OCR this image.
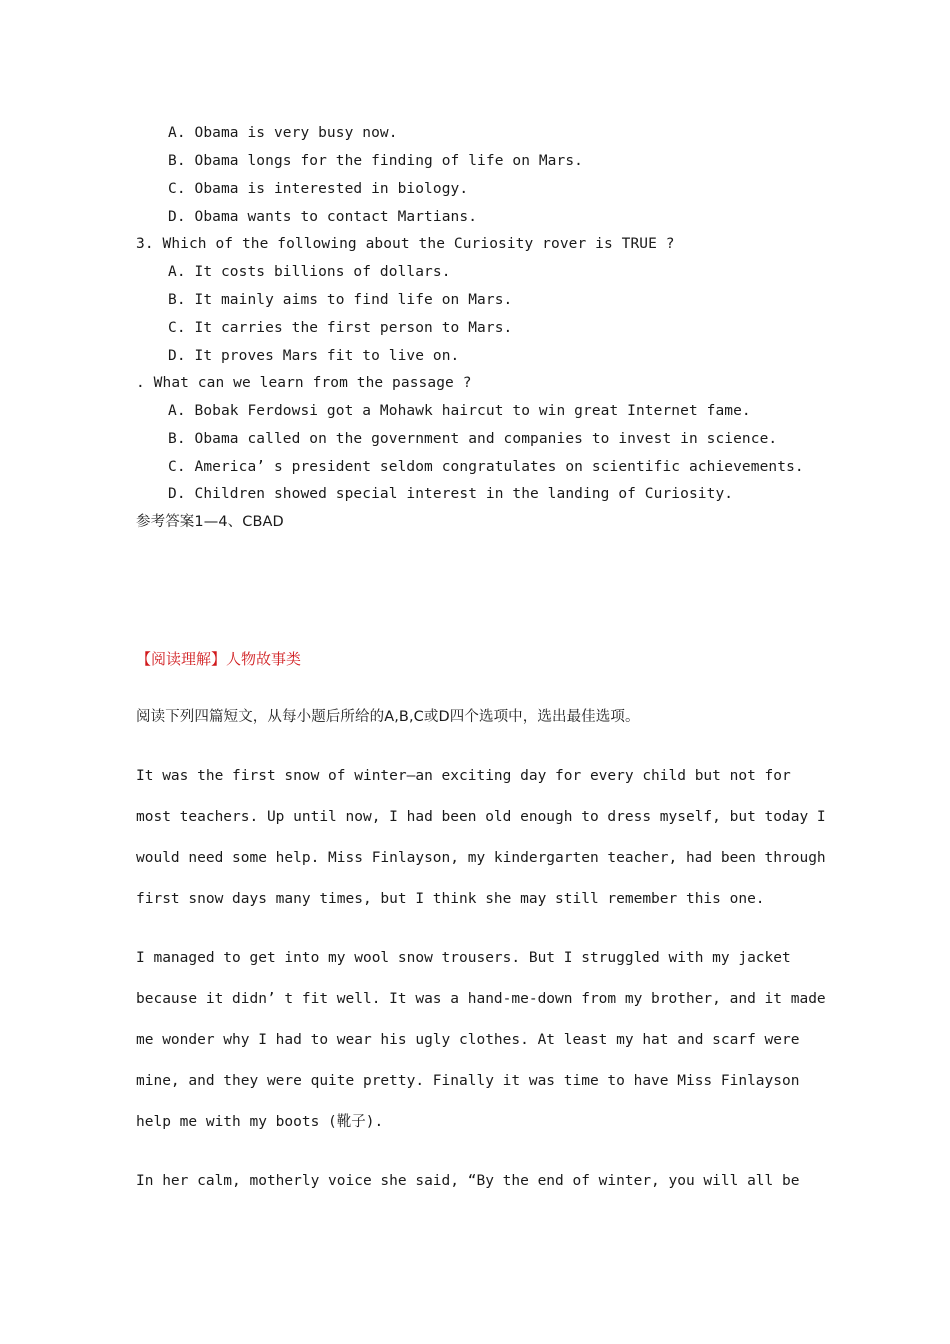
A. Obama is very busy now.
B. Obama longs for the finding of life on Mars.
C. Obama is interested in biology.
D. Obama wants to contact Martians.
3. Which of the following about the Curiosity rover is TRUE ?
A. It costs billions of dollars.
B. It mainly aims to find life on Mars.
C. It carries the first person to Mars.
D. It proves Mars fit to live on.
. What can we learn from the passage ?
A. Bobak Ferdowsi got a Mohawk haircut to win great Internet fame.
B. Obama called on the government and companies to invest in science.
C. America’ s president seldom congratulates on scientific achievements.
D. Children showed special interest in the landing of Curiosity.
参考答案1—4、CBAD
【阅读理解】人物故事类
阅读下列四篇短文，从每小题后所给的A,B,C或D四个选项中，选出最佳选项。
It was the first snow of winter—an exciting day for every child but not for
most teachers. Up until now, I had been old enough to dress myself, but today I
would need some help. Miss Finlayson, my kindergarten teacher, had been through
first snow days many times, but I think she may still remember this one.
I managed to get into my wool snow trousers. But I struggled with my jacket
because it didn’ t fit well. It was a hand-me-down from my brother, and it made
me wonder why I had to wear his ugly clothes. At least my hat and scarf were
mine, and they were quite pretty. Finally it was time to have Miss Finlayson
help me with my boots (靴子).
In her calm, motherly voice she said, “By the end of winter, you will all be
